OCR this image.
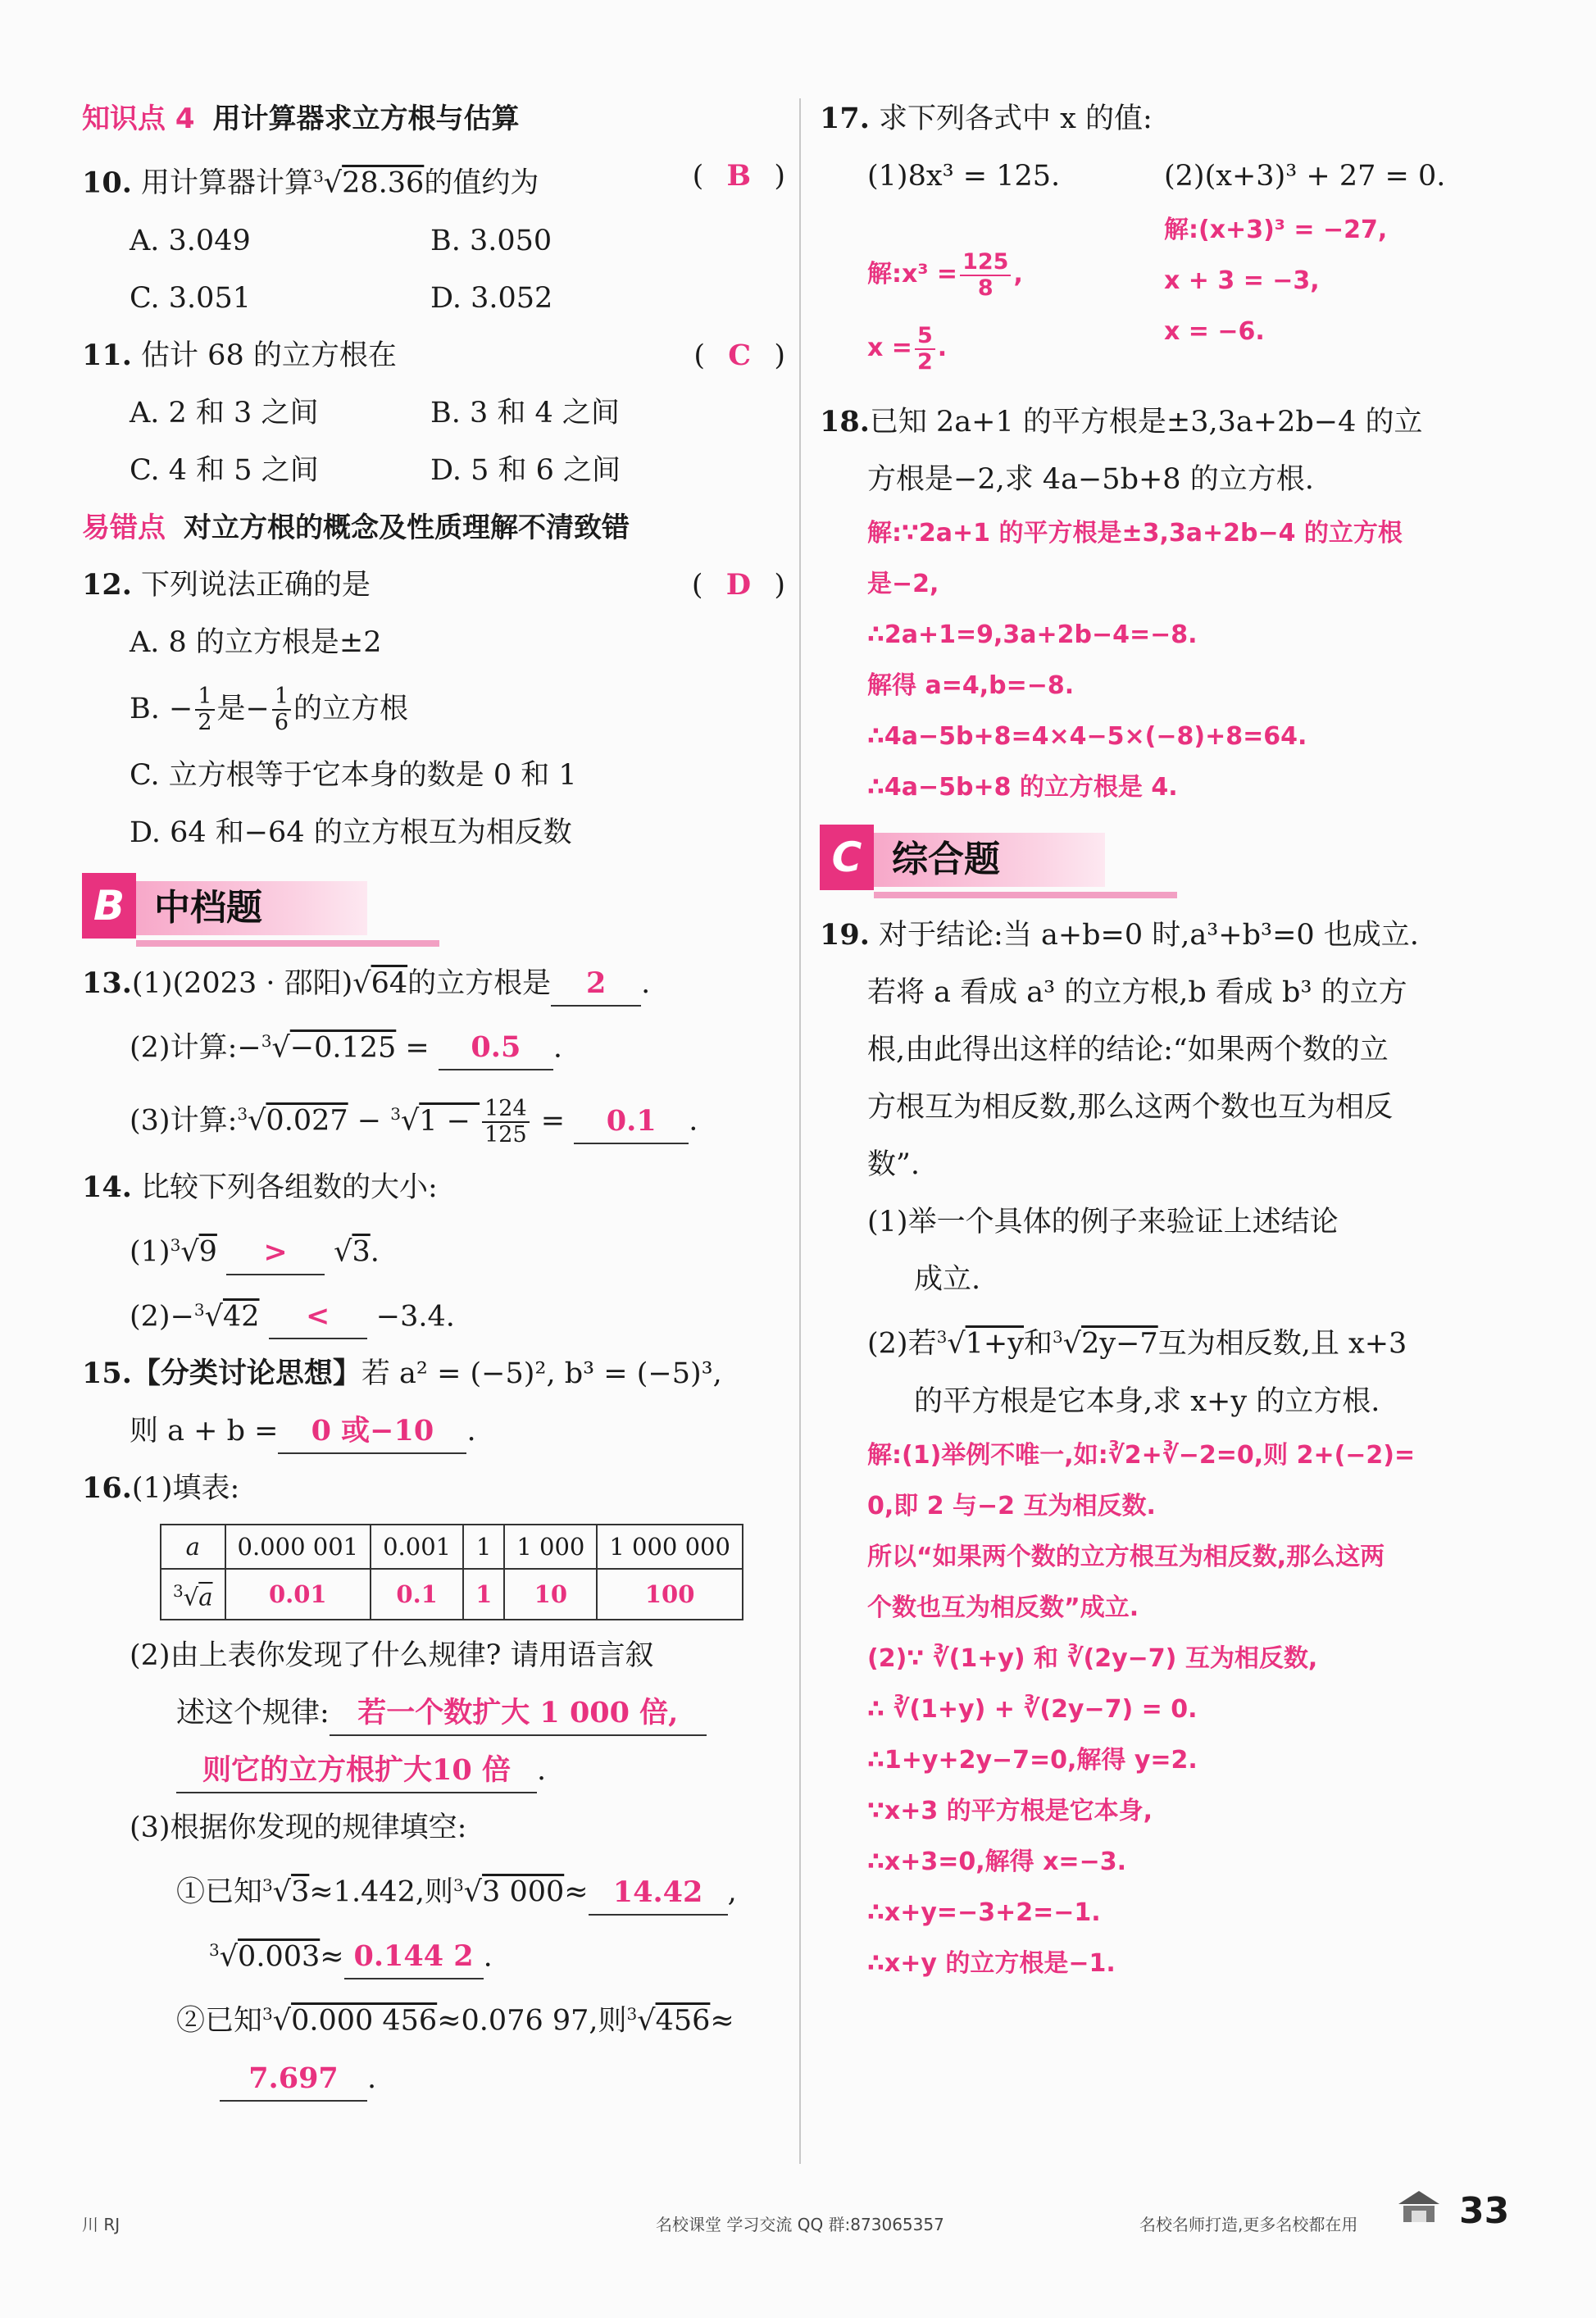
知识点 4 用计算器求立方根与估算
10. 用计算器计算$^3$√28.36的值约为	(  B  )
A. 3.049	B. 3.050
C. 3.051	D. 3.052
11. 估计 68 的立方根在	(  C  )
A. 2 和 3 之间	B. 3 和 4 之间
C. 4 和 5 之间	D. 5 和 6 之间
易错点 对立方根的概念及性质理解不清致错
12. 下列说法正确的是	(  D  )
A. 8 的立方根是±2
B. − $\frac{1}{2}$ 是− $\frac{1}{6}$ 的立方根
C. 立方根等于它本身的数是 0 和 1
D. 64 和−64 的立方根互为相反数
B 中档题
13.(1)(2023 · 邵阳)√64的立方根是 2 .
(2)计算:−$^3$√−0.125 = 0.5 .
(3)计算:$^3$√0.027 − $^3√1 - \frac{124}{125} = 0.1$ .
14. 比较下列各组数的大小:
$(1)^3√9 > √3$.
(2)−$^3$√42 < −3.4.
15.【分类讨论思想】若 a² = (−5)², b³ = (−5)³,
则 a + b = 0 或−10 .
16.(1)填表:
a	0.000 001	0.001	1	1 000	1 000 000
$^3$√a	0.01	0.1	1	10	100
(2)由上表你发现了什么规律? 请用语言叙
述这个规律: 若一个数扩大 1 000 倍,
则它的立方根扩大10 倍 .
(3)根据你发现的规律填空:
①已知$^3$√3≈1.442,则$^3$√3 000≈ 14.42 ,
$^3$√0.003≈ 0.144 2 .
②已知$^3$√0.000 456≈0.076 97,则$^3$√456≈
7.697 .
17. 求下列各式中 x 的值:
(1)8x³ = 125.	(2)(x+3)³ + 27 = 0.
解:(x+3)³ = −27,
x + 3 = −3,
x = −6.
解:x³ = $\frac{125}{8}$ ,
$x = \frac{5}{2}$ .
18.已知 2a+1 的平方根是±3,3a+2b−4 的立
方根是−2,求 4a−5b+8 的立方根.
解:∵2a+1 的平方根是±3,3a+2b−4 的立方根
是−2,
∴2a+1=9,3a+2b−4=−8.
解得 a=4,b=−8.
∴4a−5b+8=4×4−5×(−8)+8=64.
∴4a−5b+8 的立方根是 4.
C 综合题
19. 对于结论:当 a+b=0 时,a³+b³=0 也成立.
若将 a 看成 a³ 的立方根,b 看成 b³ 的立方
根,由此得出这样的结论:“如果两个数的立
方根互为相反数,那么这两个数也互为相反
数”.
(1)举一个具体的例子来验证上述结论
成立.
(2)若$^3$√1+y和$^3$√2y−7互为相反数,且 x+3
的平方根是它本身,求 x+y 的立方根.
解:(1)举例不唯一,如:∛2+∛−2=0,则 2+(−2)=
0,即 2 与−2 互为相反数.
所以“如果两个数的立方根互为相反数,那么这两
个数也互为相反数”成立.
(2)∵ ∛(1+y) 和 ∛(2y−7) 互为相反数,
∴ ∛(1+y) + ∛(2y−7) = 0.
∴1+y+2y−7=0,解得 y=2.
∵x+3 的平方根是它本身,
∴x+3=0,解得 x=−3.
∴x+y=−3+2=−1.
∴x+y 的立方根是−1.
川 RJ	名校课堂 学习交流 QQ 群:873065357	名校名师打造,更多名校都在用	33
